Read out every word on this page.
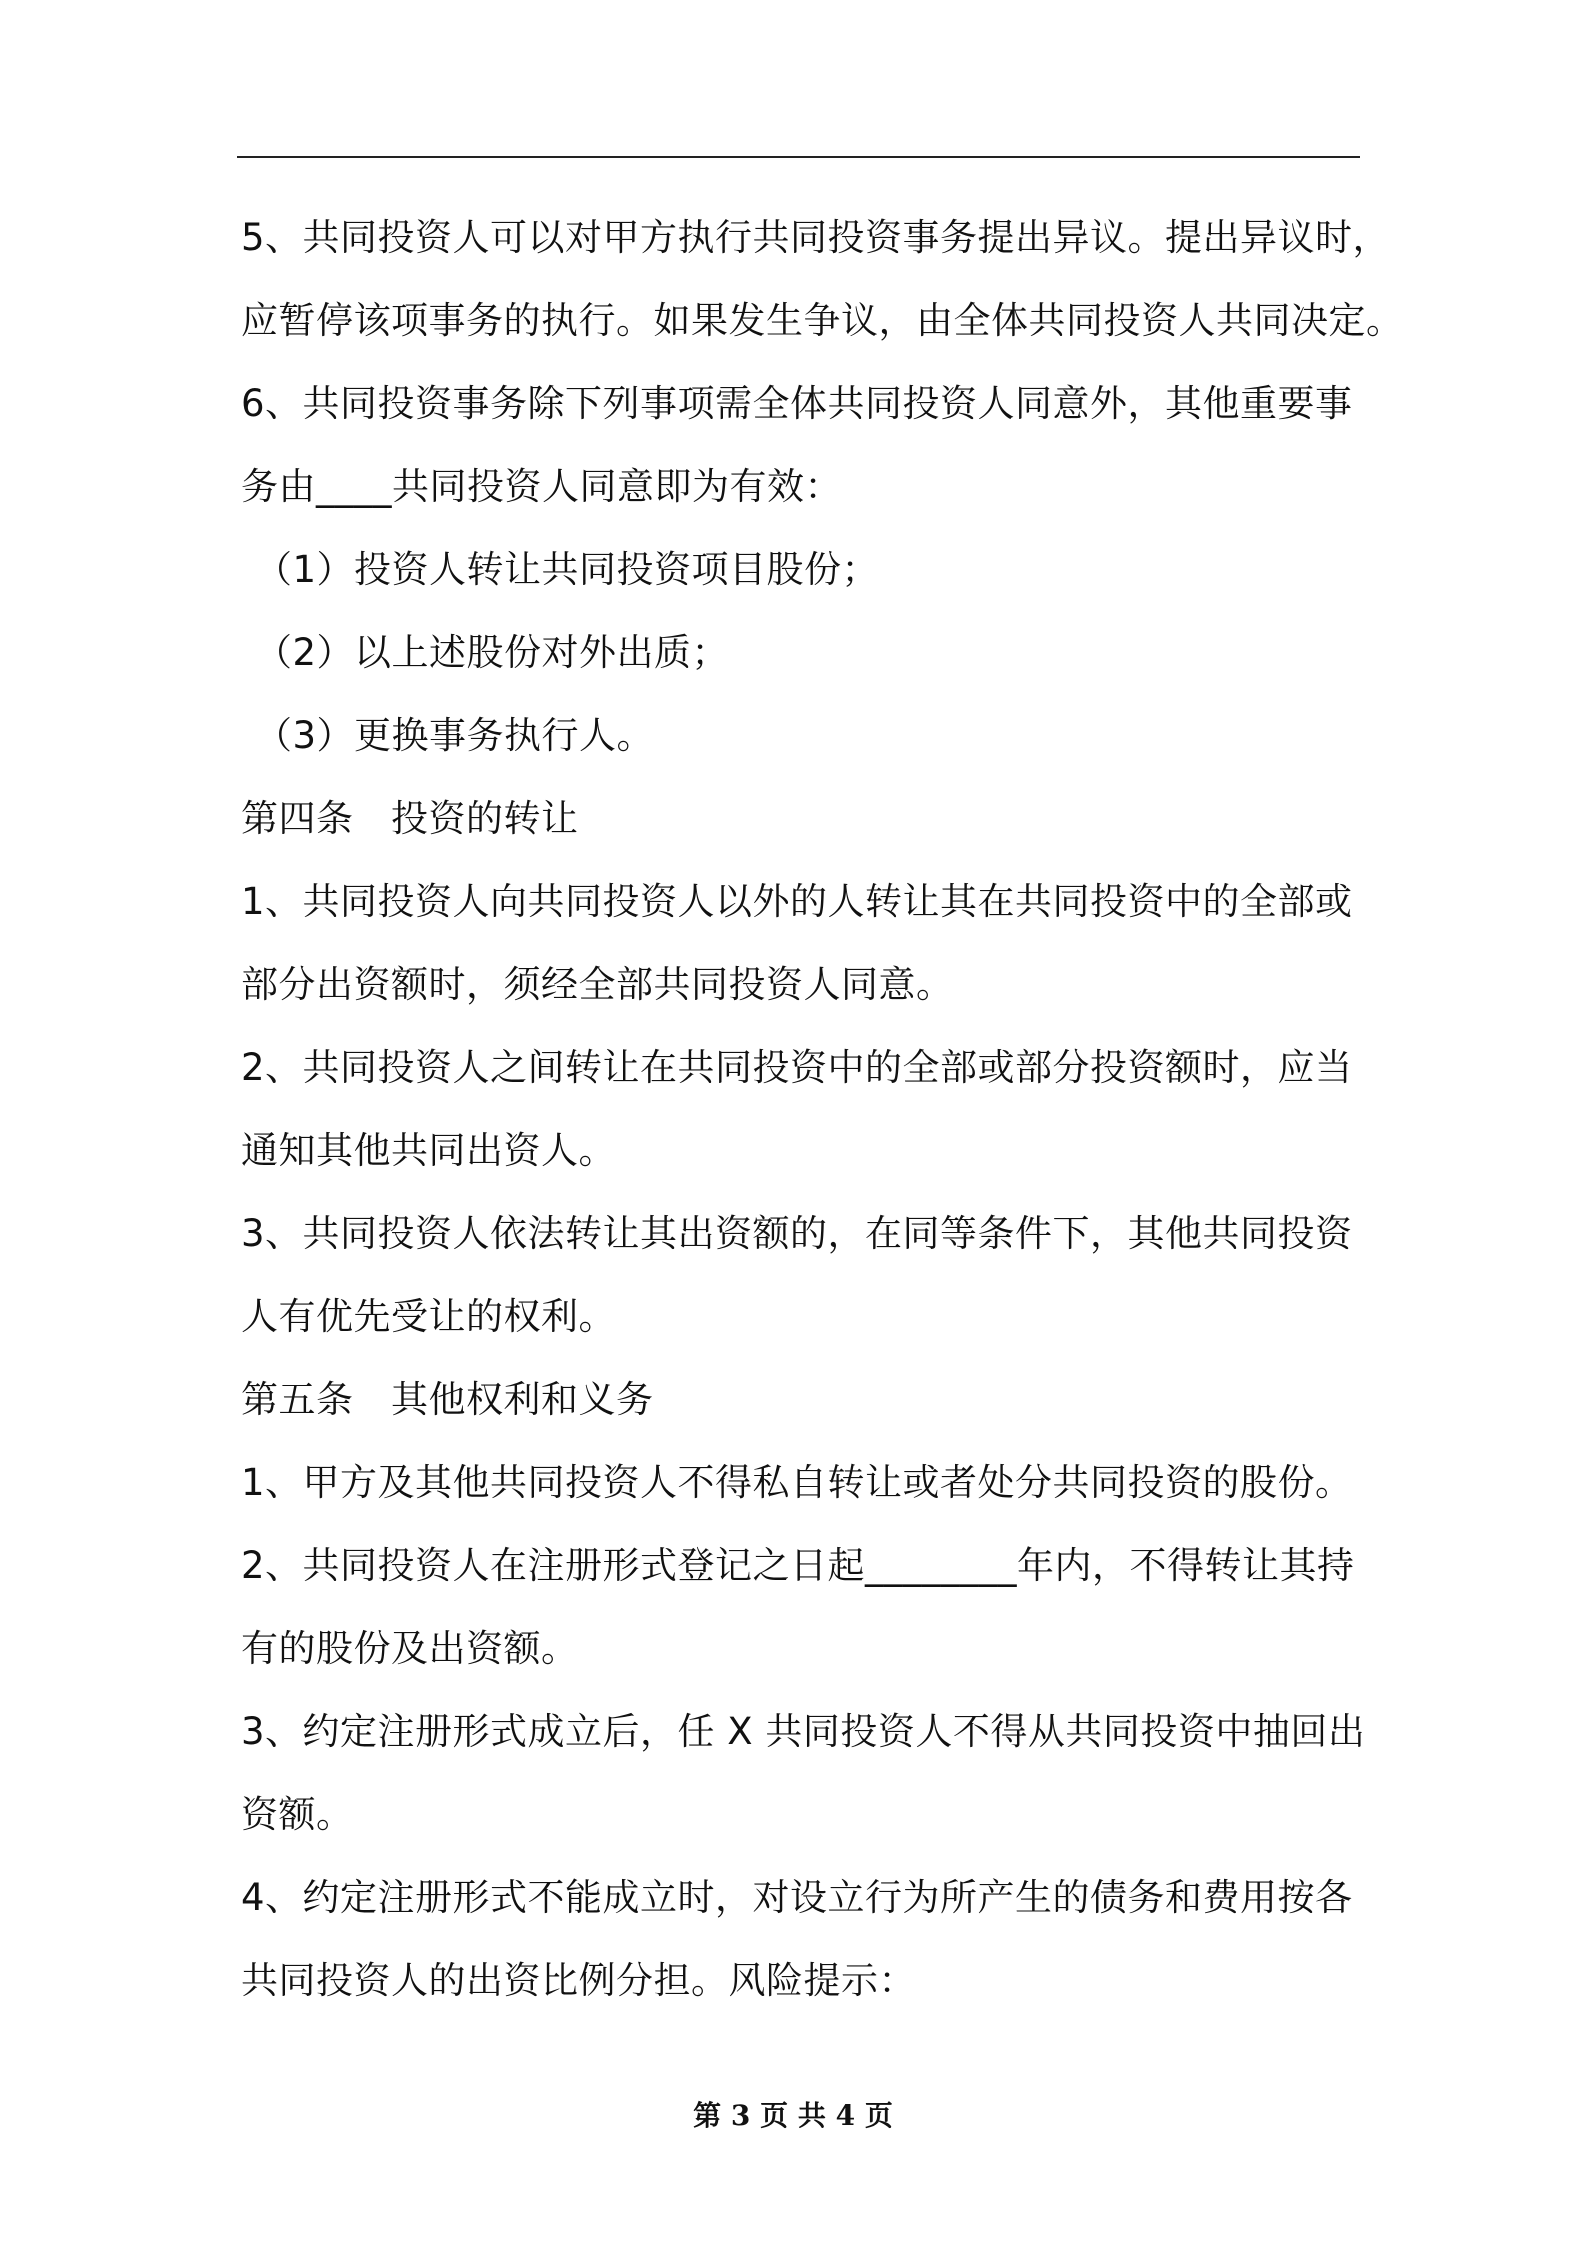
5、共同投资人可以对甲方执行共同投资事务提出异议。提出异议时，
应暂停该项事务的执行。如果发生争议，由全体共同投资人共同决定。
6、共同投资事务除下列事项需全体共同投资人同意外，其他重要事
务由____共同投资人同意即为有效：
（1）投资人转让共同投资项目股份；
（2）以上述股份对外出质；
（3）更换事务执行人。
第四条　投资的转让
1、共同投资人向共同投资人以外的人转让其在共同投资中的全部或
部分出资额时，须经全部共同投资人同意。
2、共同投资人之间转让在共同投资中的全部或部分投资额时，应当
通知其他共同出资人。
3、共同投资人依法转让其出资额的，在同等条件下，其他共同投资
人有优先受让的权利。
第五条　其他权利和义务
1、甲方及其他共同投资人不得私自转让或者处分共同投资的股份。
2、共同投资人在注册形式登记之日起________年内，不得转让其持
有的股份及出资额。
3、约定注册形式成立后，任 X 共同投资人不得从共同投资中抽回出
资额。
4、约定注册形式不能成立时，对设立行为所产生的债务和费用按各
共同投资人的出资比例分担。风险提示：
第 3 页 共 4 页
